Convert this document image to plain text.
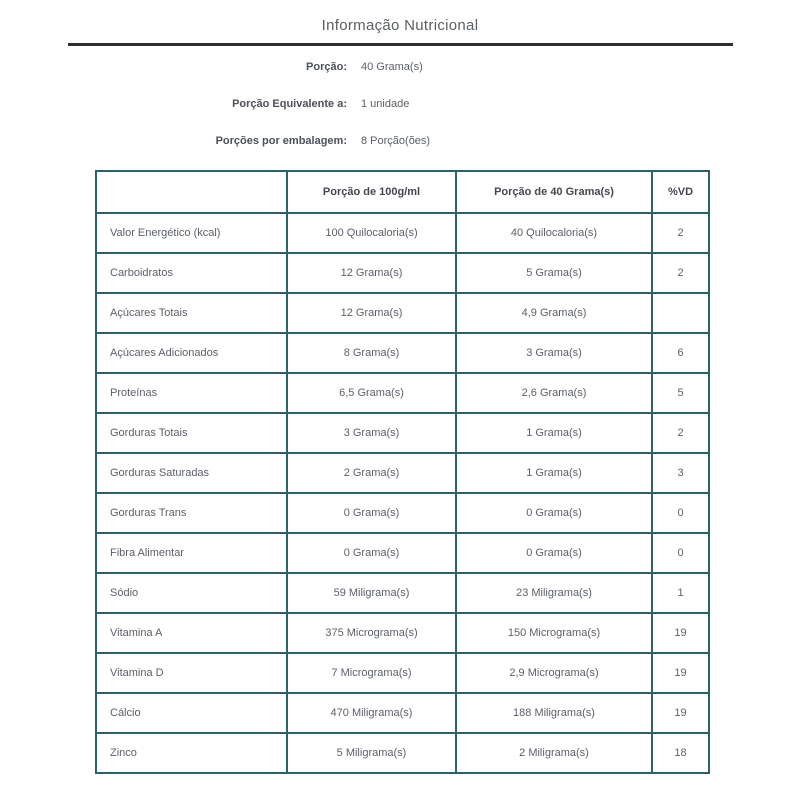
Informação Nutricional
Porção: 40 Grama(s)
Porção Equivalente a: 1 unidade
Porções por embalagem: 8 Porção(ões)
	Porção de 100g/ml	Porção de 40 Grama(s)	%VD
Valor Energético (kcal)	100 Quilocaloria(s)	40 Quilocaloria(s)	2
Carboidratos	12 Grama(s)	5 Grama(s)	2
Açúcares Totais	12 Grama(s)	4,9 Grama(s)	
Açúcares Adicionados	8 Grama(s)	3 Grama(s)	6
Proteínas	6,5 Grama(s)	2,6 Grama(s)	5
Gorduras Totais	3 Grama(s)	1 Grama(s)	2
Gorduras Saturadas	2 Grama(s)	1 Grama(s)	3
Gorduras Trans	0 Grama(s)	0 Grama(s)	0
Fibra Alimentar	0 Grama(s)	0 Grama(s)	0
Sódio	59 Miligrama(s)	23 Miligrama(s)	1
Vitamina A	375 Micrograma(s)	150 Micrograma(s)	19
Vitamina D	7 Micrograma(s)	2,9 Micrograma(s)	19
Cálcio	470 Miligrama(s)	188 Miligrama(s)	19
Zinco	5 Miligrama(s)	2 Miligrama(s)	18
